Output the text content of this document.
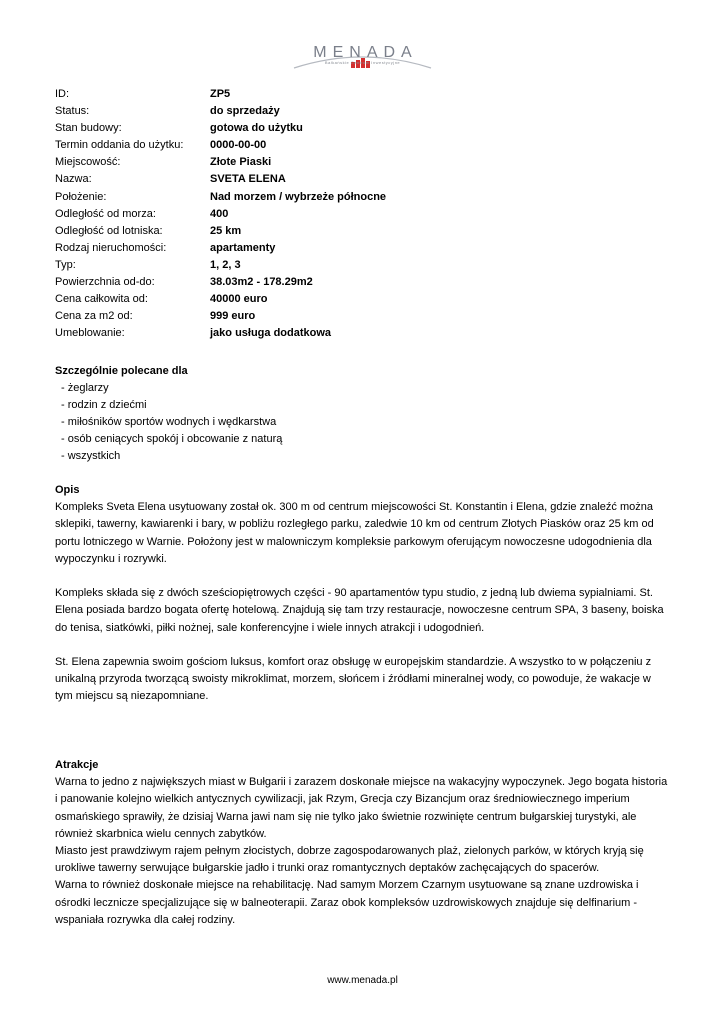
MENADA
Bałkańskie Centrum Inwestycyjne
ID:	ZP5
Status:	do sprzedaży
Stan budowy:	gotowa do użytku
Termin oddania do użytku:	0000-00-00
Miejscowość:	Złote Piaski
Nazwa:	SVETA ELENA
Położenie:	Nad morzem / wybrzeże północne
Odległość od morza:	400
Odległość od lotniska:	25 km
Rodzaj nieruchomości:	apartamenty
Typ:	1, 2, 3
Powierzchnia od-do:	38.03m2 - 178.29m2
Cena całkowita od:	40000 euro
Cena za m2 od:	999 euro
Umeblowanie:	jako usługa dodatkowa
Szczególnie polecane dla
- żeglarzy
- rodzin z dziećmi
- miłośników sportów wodnych i wędkarstwa
- osób ceniących spokój i obcowanie z naturą
- wszystkich

Opis

Kompleks Sveta Elena usytuowany został ok. 300 m od centrum miejscowości St. Konstantin i Elena, gdzie znaleźć można sklepiki, tawerny, kawiarenki i bary, w pobliżu rozległego parku, zaledwie 10 km od centrum Złotych Piasków oraz 25 km od portu lotniczego w Warnie. Położony jest w malowniczym kompleksie parkowym oferującym nowoczesne udogodnienia dla wypoczynku i rozrywki.

Kompleks składa się z dwóch sześciopiętrowych części - 90 apartamentów typu studio, z jedną lub dwiema sypialniami. St. Elena posiada bardzo bogata ofertę hotelową. Znajdują się tam trzy restauracje, nowoczesne centrum SPA, 3 baseny, boiska do tenisa, siatkówki, piłki nożnej, sale konferencyjne i wiele innych atrakcji i udogodnień.

St. Elena zapewnia swoim gościom luksus, komfort oraz obsługę w europejskim standardzie. A wszystko to w połączeniu z unikalną przyroda tworzącą swoisty mikroklimat, morzem, słońcem i źródłami mineralnej wody, co powoduje, że wakacje w tym miejscu są niezapomniane.

Atrakcje

Warna to jedno z największych miast w Bułgarii i zarazem doskonałe miejsce na wakacyjny wypoczynek. Jego bogata historia i panowanie kolejno wielkich antycznych cywilizacji, jak Rzym, Grecja czy Bizancjum oraz średniowiecznego imperium osmańskiego sprawiły, że dzisiaj Warna jawi nam się nie tylko jako świetnie rozwinięte centrum bułgarskiej turystyki, ale również skarbnica wielu cennych zabytków.

Miasto jest prawdziwym rajem pełnym złocistych, dobrze zagospodarowanych plaż, zielonych parków, w których kryją się urokliwe tawerny serwujące bułgarskie jadło i trunki oraz romantycznych deptaków zachęcających do spacerów.

Warna to również doskonałe miejsce na rehabilitację. Nad samym Morzem Czarnym usytuowane są znane uzdrowiska i ośrodki lecznicze specjalizujące się w balneoterapii. Zaraz obok kompleksów uzdrowiskowych znajduje się delfinarium - wspaniała rozrywka dla całej rodziny.

www.menada.pl
